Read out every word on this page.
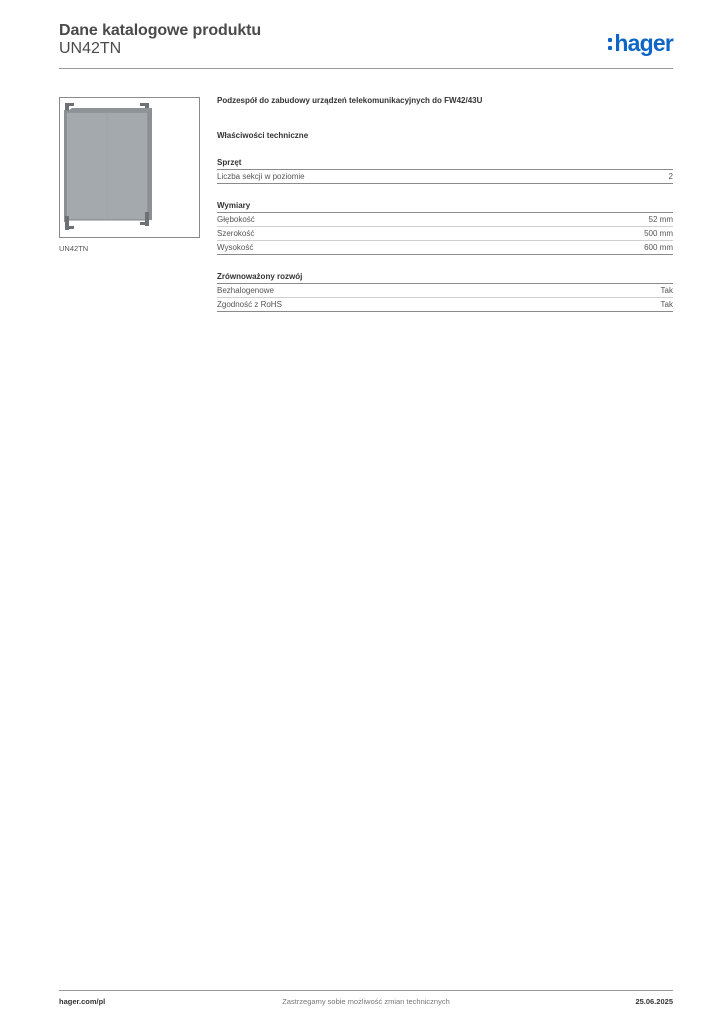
Dane katalogowe produktu
UN42TN	hager
UN42TN

Podzespół do zabudowy urządzeń telekomunikacyjnych do FW42/43U

Właściwości techniczne
Sprzęt
Liczba sekcji w poziomie	2
Wymiary
Głębokość	52 mm
Szerokość	500 mm
Wysokość	600 mm
Zrównoważony rozwój
Bezhalogenowe	Tak
Zgodność z RoHS	Tak
hager.com/pl	Zastrzegamy sobie możliwość zmian technicznych	25.06.2025
